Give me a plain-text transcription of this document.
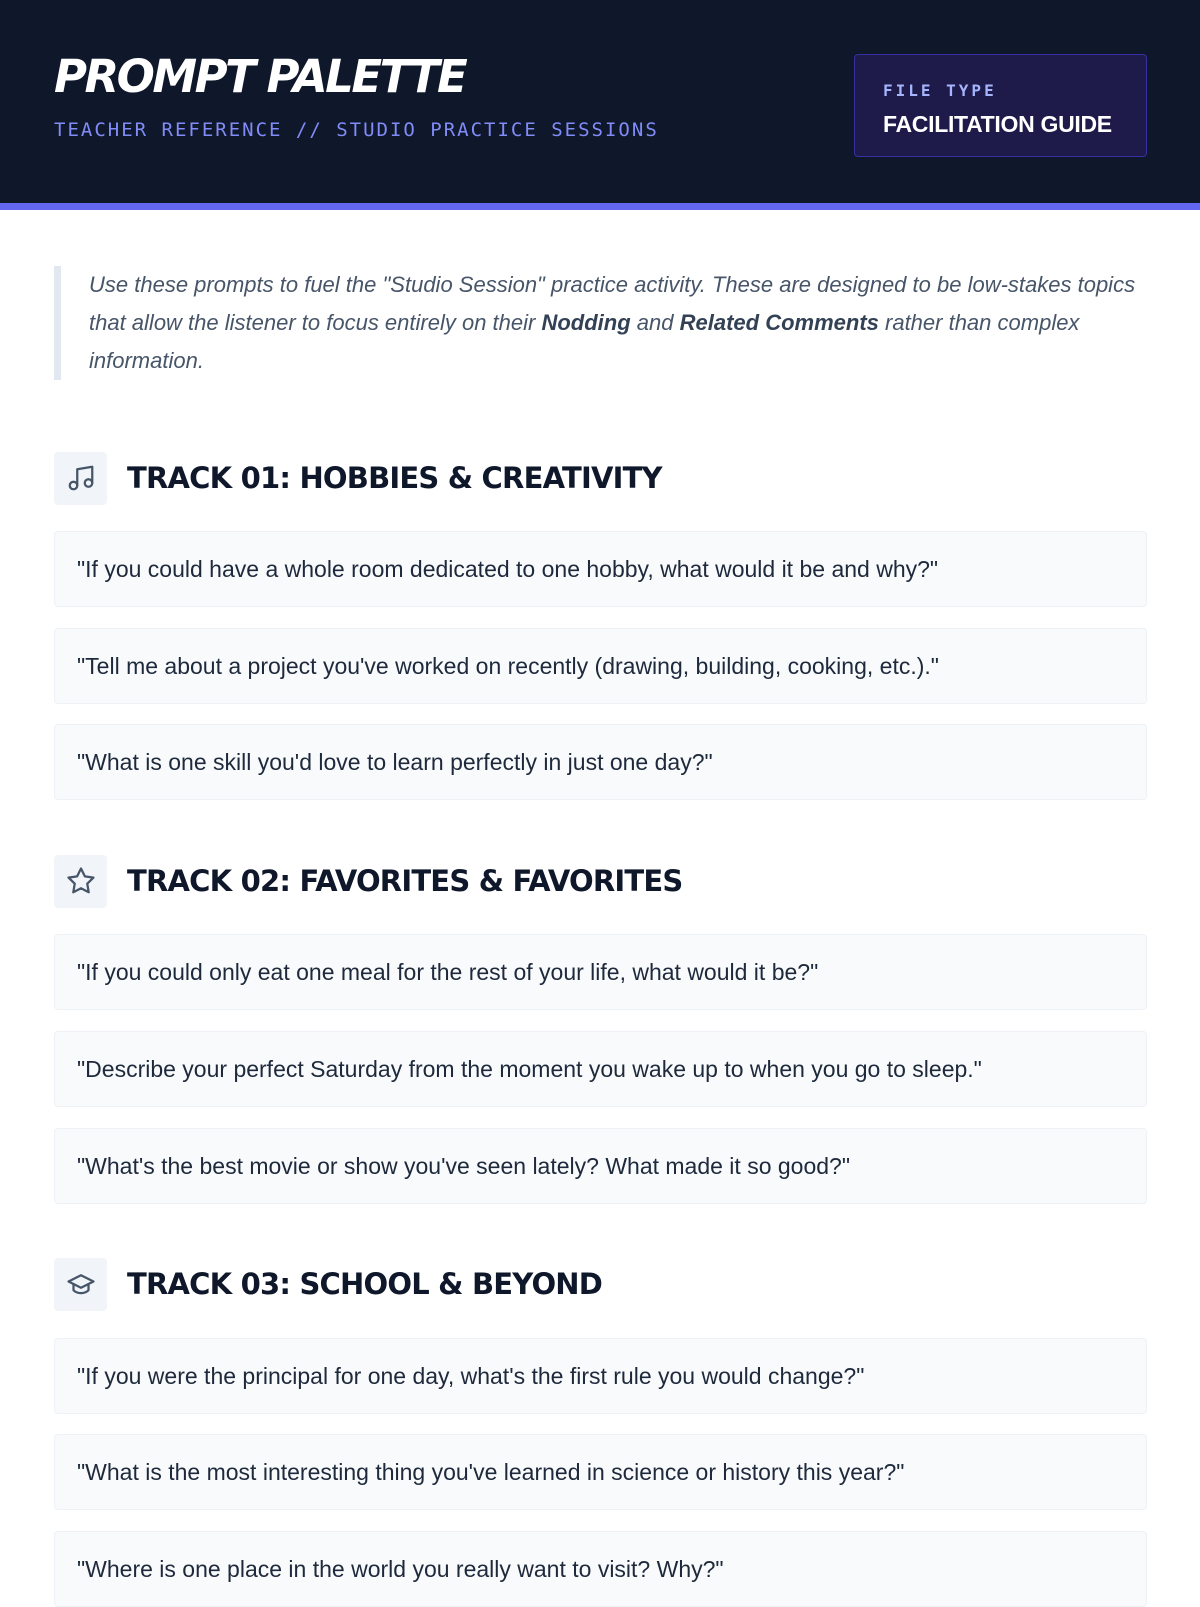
PROMPT PALETTE
TEACHER REFERENCE // STUDIO PRACTICE SESSIONS
FILE TYPE
FACILITATION GUIDE
Use these prompts to fuel the "Studio Session" practice activity. These are designed to be low-stakes topics that allow the listener to focus entirely on their Nodding and Related Comments rather than complex information.
TRACK 01: HOBBIES & CREATIVITY
"If you could have a whole room dedicated to one hobby, what would it be and why?"
"Tell me about a project you've worked on recently (drawing, building, cooking, etc.)."
"What is one skill you'd love to learn perfectly in just one day?"
TRACK 02: FAVORITES & FAVORITES
"If you could only eat one meal for the rest of your life, what would it be?"
"Describe your perfect Saturday from the moment you wake up to when you go to sleep."
"What's the best movie or show you've seen lately? What made it so good?"
TRACK 03: SCHOOL & BEYOND
"If you were the principal for one day, what's the first rule you would change?"
"What is the most interesting thing you've learned in science or history this year?"
"Where is one place in the world you really want to visit? Why?"
